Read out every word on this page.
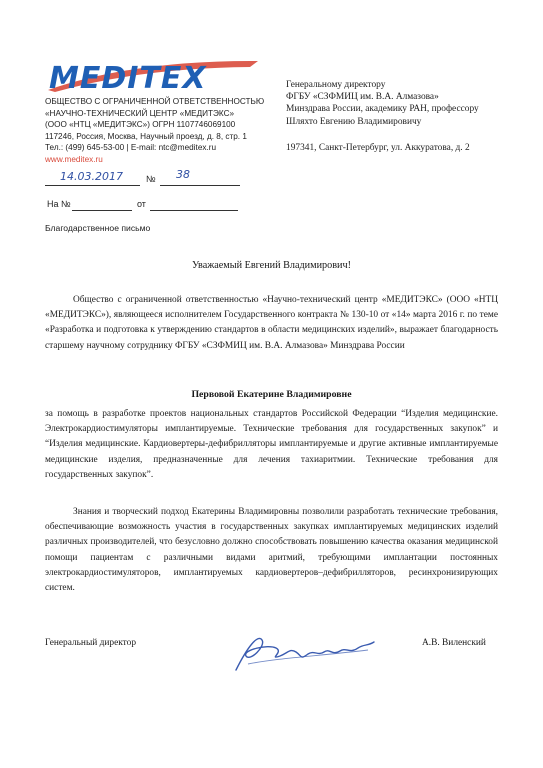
MEDITEX
ОБЩЕСТВО С ОГРАНИЧЕННОЙ ОТВЕТСТВЕННОСТЬЮ
«НАУЧНО-ТЕХНИЧЕСКИЙ ЦЕНТР «МЕДИТЭКС»
(ООО «НТЦ «МЕДИТЭКС») ОГРН 1107746069100
117246, Россия, Москва, Научный проезд, д. 8, стр. 1
Тел.: (499) 645-53-00 | E-mail: ntc@meditex.ru
www.meditex.ru
Генеральному директору
ФГБУ «СЗФМИЦ им. В.А. Алмазова»
Минздрава России, академику РАН, профессору
Шляхто Евгению Владимировичу
197341, Санкт-Петербург, ул. Аккуратова, д. 2
14.03.2017	№ 38
На №	от
Благодарственное письмо
Уважаемый Евгений Владимирович!
Общество с ограниченной ответственностью «Научно-технический центр «МЕДИТЭКС» (ООО «НТЦ «МЕДИТЭКС»), являющееся исполнителем Государственного контракта № 130-10 от «14» марта 2016 г. по теме «Разработка и подготовка к утверждению стандартов в области медицинских изделий», выражает благодарность старшему научному сотруднику ФГБУ «СЗФМИЦ им. В.А. Алмазова» Минздрава России
Первовой Екатерине Владимировне
за помощь в разработке проектов национальных стандартов Российской Федерации “Изделия медицинские. Электрокардиостимуляторы имплантируемые. Технические требования для государственных закупок” и “Изделия медицинские. Кардиовертеры-дефибрилляторы имплантируемые и другие активные имплантируемые медицинские изделия, предназначенные для лечения тахиаритмии. Технические требования для государственных закупок”.
Знания и творческий подход Екатерины Владимировны позволили разработать технические требования, обеспечивающие возможность участия в государственных закупках имплантируемых медицинских изделий различных производителей, что безусловно должно способствовать повышению качества оказания медицинской помощи пациентам с различными видами аритмий, требующими имплантации постоянных электрокардиостимуляторов, имплантируемых кардиовертеров–дефибрилляторов, ресинхронизирующих систем.
Генеральный директор	А.В. Виленский
